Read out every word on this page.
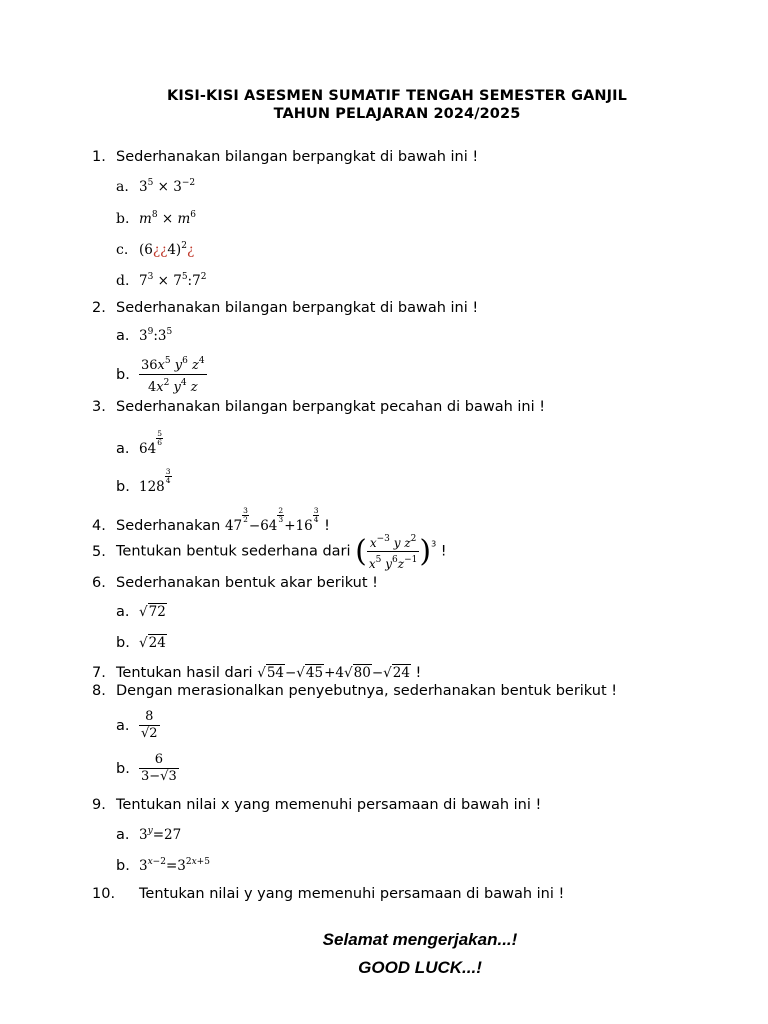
KISI-KISI ASESMEN SUMATIF TENGAH SEMESTER GANJIL
TAHUN PELAJARAN 2024/2025
1. Sederhanakan bilangan berpangkat di bawah ini !
a. $3^5 \times 3^{-2}$
b. $m^8 \times m^6$
c. (6¿¿4)$^2$¿
d. $7^3$ × $7^5:7^2$
2. Sederhanakan bilangan berpangkat di bawah ini !
a. $3^9:3^5$
b. $\frac{36x^5 y^6 z^4}{4x^2 y^4 z}$
3. Sederhanakan bilangan berpangkat pecahan di bawah ini !
a. 64
$\frac{5}{6}$
b. 128
$\frac{3}{4}$
4. Sederhanakan 47
$\frac{3}{2}$
−64
$\frac{2}{3}$
+16
$\frac{3}{4}$
!
5. Tentukan bentuk sederhana dari ( $\frac{x^{-3} y z^2}{x^5 y^6z^{-1}} )^3$ !
6. Sederhanakan bentuk akar berikut !
a. √72
b. √24
7. Tentukan hasil dari √54−√45+4√80−√24 !
8. Dengan merasionalkan penyebutnya, sederhanakan bentuk berikut !
a. $\frac{8}{√2}$
b. $\frac{6}{3-√3}$
9. Tentukan nilai x yang memenuhi persamaan di bawah ini !
a. $3^y=27$
b. $3^{x-2}=3^{2x+5}$
10. Tentukan nilai y yang memenuhi persamaan di bawah ini !
Selamat mengerjakan...!
GOOD LUCK...!
